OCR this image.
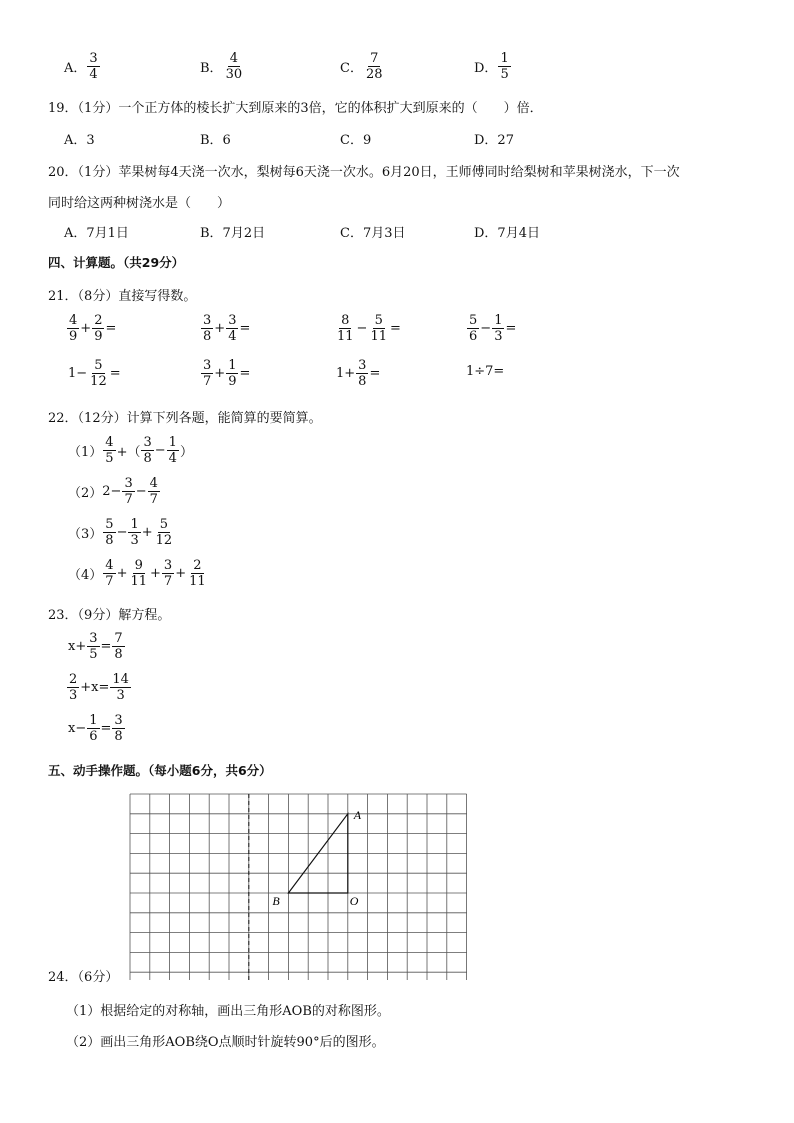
A． $\frac{3}{4}$	B． $\frac{4}{30}$	C． $\frac{7}{28}$	D． $\frac{1}{5}$
19．（1分）一个正方体的棱长扩大到原来的3倍，它的体积扩大到原来的（　　）倍．
A．3	B．6	C．9	D．27
20．（1分）苹果树每4天浇一次水，梨树每6天浇一次水。6月20日，王师傅同时给梨树和苹果树浇水，下一次
同时给这两种树浇水是（　　）
A．7月1日	B．7月2日	C．7月3日	D．7月4日
四、计算题。（共29分）
21．（8分）直接写得数。
$\frac{4}{9} + \frac{2}{9}$ =	$\frac{3}{8} + \frac{3}{4}$ =	$\frac{8}{11} - \frac{5}{11}$ =	$\frac{5}{6} - \frac{1}{3}$ =
$1- \frac{5}{12}$ =	$\frac{3}{7} + \frac{1}{9}$ =	$1+ \frac{3}{8}$ =	1÷7=
22．（12分）计算下列各题，能简算的要简算。
$(1) \frac{4}{5}$ +（ $\frac{3}{8} - \frac{1}{4}$ ）
（2） $2- \frac{3}{7} - \frac{4}{7}$
$(3) \frac{5}{8} - \frac{1}{3} + \frac{5}{12}$
$(4) \frac{4}{7} + \frac{9}{11} + \frac{3}{7} + \frac{2}{11}$
23．（9分）解方程。
$x+ \frac{3}{5} = \frac{7}{8}$
$\frac{2}{3} +x= \frac{14}{3}$
$x- \frac{1}{6} = \frac{3}{8}$
五、动手操作题。（每小题6分，共6分）
A
B	O
24．（6分）
（1）根据给定的对称轴，画出三角形AOB的对称图形。
（2）画出三角形AOB绕O点顺时针旋转90°后的图形。
